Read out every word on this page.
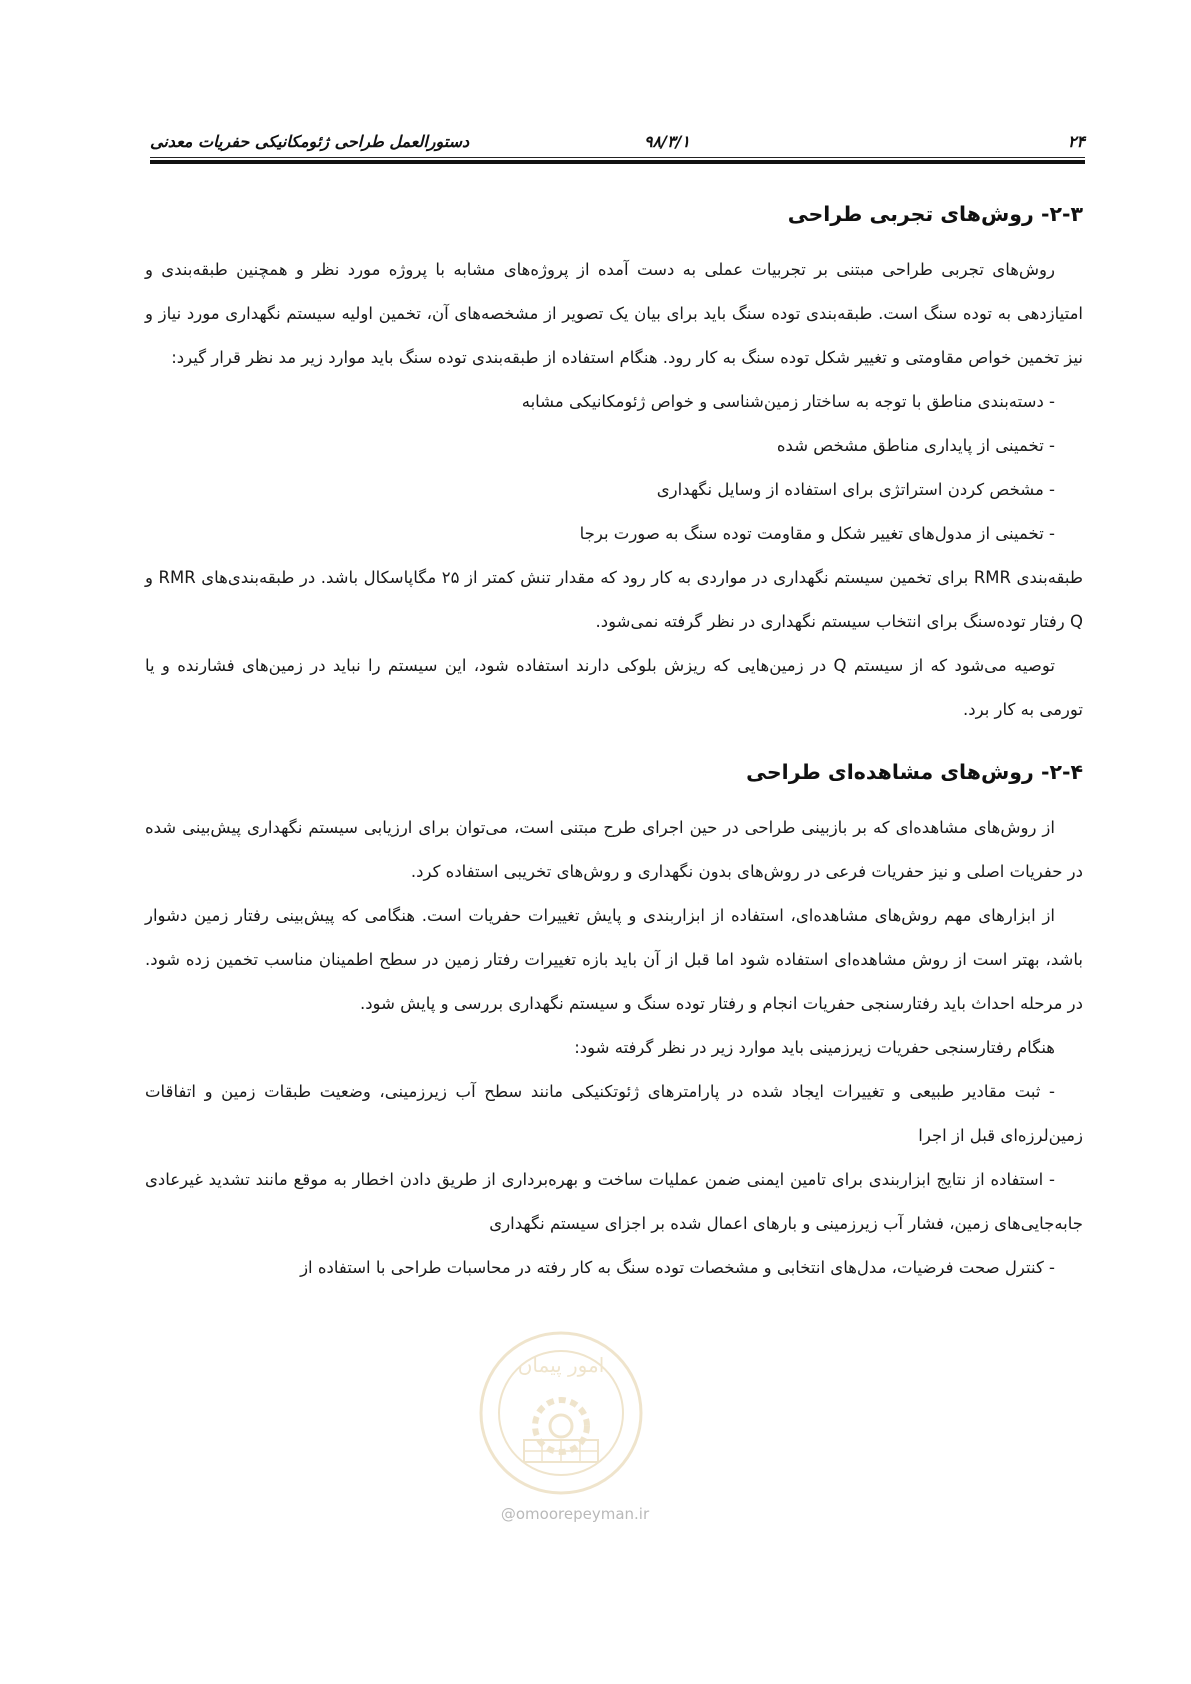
۲۴
۹۸/۳/۱
دستورالعمل طراحی ژئومکانیکی حفریات معدنی
۲-۳- روش‌های تجربی طراحی

روش‌های تجربی طراحی مبتنی بر تجربیات عملی به دست آمده از پروژه‌های مشابه با پروژه مورد نظر و همچنین طبقه‌بندی و امتیازدهی به توده سنگ است. طبقه‌بندی توده سنگ باید برای بیان یک تصویر از مشخصه‌های آن، تخمین اولیه سیستم نگهداری مورد نیاز و نیز تخمین خواص مقاومتی و تغییر شکل توده سنگ به کار رود. هنگام استفاده از طبقه‌بندی توده سنگ باید موارد زیر مد نظر قرار گیرد:

- دسته‌بندی مناطق با توجه به ساختار زمین‌شناسی و خواص ژئومکانیکی مشابه

- تخمینی از پایداری مناطق مشخص شده

- مشخص کردن استراتژی برای استفاده از وسایل نگهداری

- تخمینی از مدول‌های تغییر شکل و مقاومت توده سنگ به صورت برجا

طبقه‌بندی RMR برای تخمین سیستم نگهداری در مواردی به کار رود که مقدار تنش کمتر از ۲۵ مگاپاسکال باشد. در طبقه‌بندی‌های RMR و Q رفتار توده‌سنگ برای انتخاب سیستم نگهداری در نظر گرفته نمی‌شود.

توصیه می‌شود که از سیستم Q در زمین‌هایی که ریزش بلوکی دارند استفاده شود، این سیستم را نباید در زمین‌های فشارنده و یا تورمی به کار برد.

۲-۴- روش‌های مشاهده‌ای طراحی

از روش‌های مشاهده‌ای که بر بازبینی طراحی در حین اجرای طرح مبتنی است، می‌توان برای ارزیابی سیستم نگهداری پیش‌بینی شده در حفریات اصلی و نیز حفریات فرعی در روش‌های بدون نگهداری و روش‌های تخریبی استفاده کرد.

از ابزارهای مهم روش‌های مشاهده‌ای، استفاده از ابزاربندی و پایش تغییرات حفریات است. هنگامی که پیش‌بینی رفتار زمین دشوار باشد، بهتر است از روش مشاهده‌ای استفاده شود اما قبل از آن باید بازه تغییرات رفتار زمین در سطح اطمینان مناسب تخمین زده شود. در مرحله احداث باید رفتارسنجی حفریات انجام و رفتار توده سنگ و سیستم نگهداری بررسی و پایش شود.

هنگام رفتارسنجی حفریات زیرزمینی باید موارد زیر در نظر گرفته شود:

- ثبت مقادیر طبیعی و تغییرات ایجاد شده در پارامترهای ژئوتکنیکی مانند سطح آب زیرزمینی، وضعیت طبقات زمین و اتفاقات زمین‌لرزه‌ای قبل از اجرا

- استفاده از نتایج ابزاربندی برای تامین ایمنی ضمن عملیات ساخت و بهره‌برداری از طریق دادن اخطار به موقع مانند تشدید غیرعادی جابه‌جایی‌های زمین، فشار آب زیرزمینی و بارهای اعمال شده بر اجزای سیستم نگهداری

- کنترل صحت فرضیات، مدل‌های انتخابی و مشخصات توده سنگ به کار رفته در محاسبات طراحی با استفاده از

امور پیمان
@omoorepeyman.ir
